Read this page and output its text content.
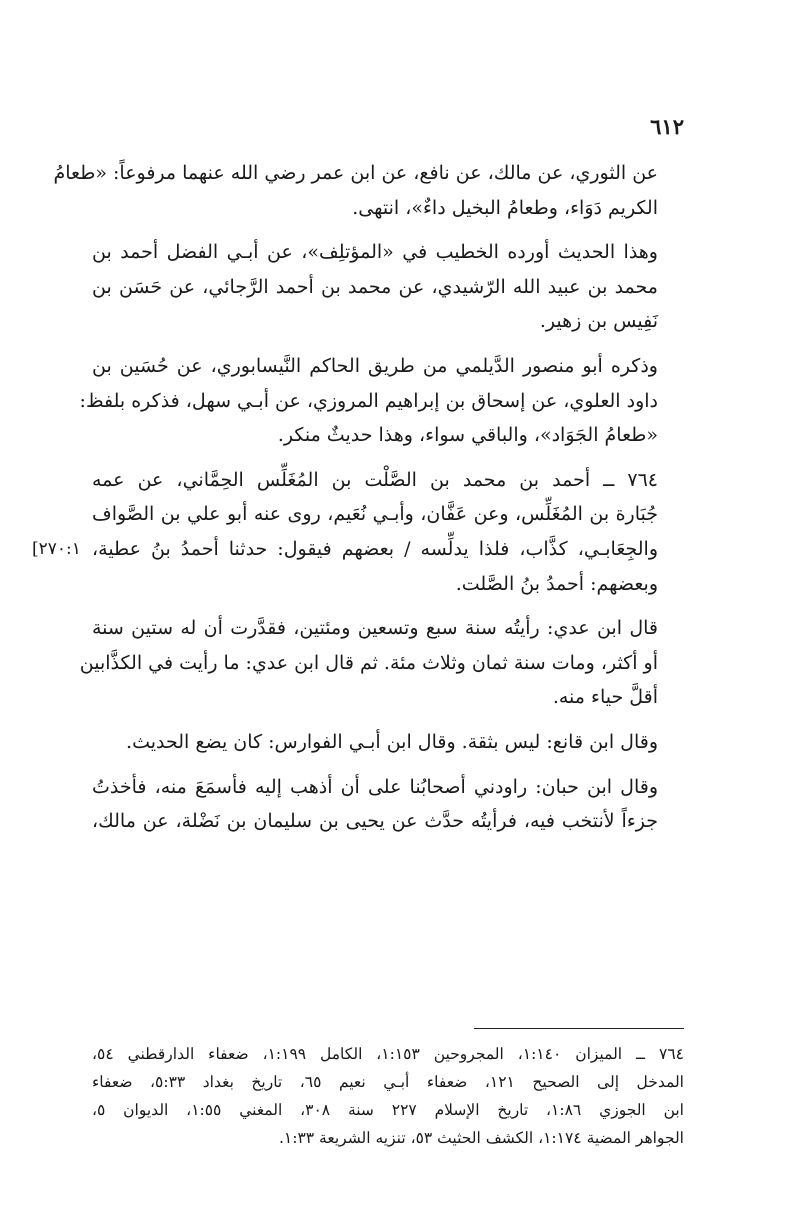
٦١٢

عن الثوري، عن مالك، عن نافع، عن ابن عمر رضي الله عنهما مرفوعاً: «طعامُ
الكريم دَوَاء، وطعامُ البخيل داءٌ»، انتهى.

وهذا الحديث أورده الخطيب في «المؤتلِف»، عن أبـي الفضل أحمد بن
محمد بن عبيد الله الرّشيدي، عن محمد بن أحمد الرَّجائي، عن حَسَن بن
نَفِيس بن زهير.

وذكره أبو منصور الدَّيلمي من طريق الحاكم النَّيسابوري، عن حُسَين بن
داود العلوي، عن إسحاق بن إبراهيم المروزي، عن أبـي سهل، فذكره بلفظ:
«طعامُ الجَوَاد»، والباقي سواء، وهذا حديثٌ منكر.

٧٦٤ ــ أحمد بن محمد بن الصَّلْت بن المُغَلِّس الحِمَّاني، عن عمه
جُبَارة بن المُغَلِّس، وعن عَفَّان، وأبـي نُعَيم، روى عنه أبو علي بن الصَّواف
والجِعَابـي، كذَّاب، فلذا يدلِّسه / بعضهم فيقول: حدثنا أحمدُ بنُ عطية،
[٢٧٠:١
وبعضهم: أحمدُ بنُ الصَّلت.

قال ابن عدي: رأيتُه سنة سبع وتسعين ومئتين، فقدَّرت أن له ستين سنة
أو أكثر، ومات سنة ثمان وثلاث مئة. ثم قال ابن عدي: ما رأيت في الكذَّابين
أقلَّ حياء منه.

وقال ابن قانع: ليس بثقة. وقال ابن أبـي الفوارس: كان يضع الحديث.

وقال ابن حبان: راودني أصحابُنا على أن أذهب إليه فأسمَعَ منه، فأخذتُ
جزءاً لأنتخب فيه، فرأيتُه حدَّث عن يحيى بن سليمان بن نَضْلة، عن مالك،

٧٦٤ ــ الميزان ١:١٤٠، المجروحين ١:١٥٣، الكامل ١:١٩٩، ضعفاء الدارقطني ٥٤،
المدخل إلى الصحيح ١٢١، ضعفاء أبـي نعيم ٦٥، تاريخ بغداد ٥:٣٣، ضعفاء
ابن الجوزي ١:٨٦، تاريخ الإسلام ٢٢٧ سنة ٣٠٨، المغني ١:٥٥، الديوان ٥،
الجواهر المضية ١:١٧٤، الكشف الحثيث ٥٣، تنزيه الشريعة ١:٣٣.
